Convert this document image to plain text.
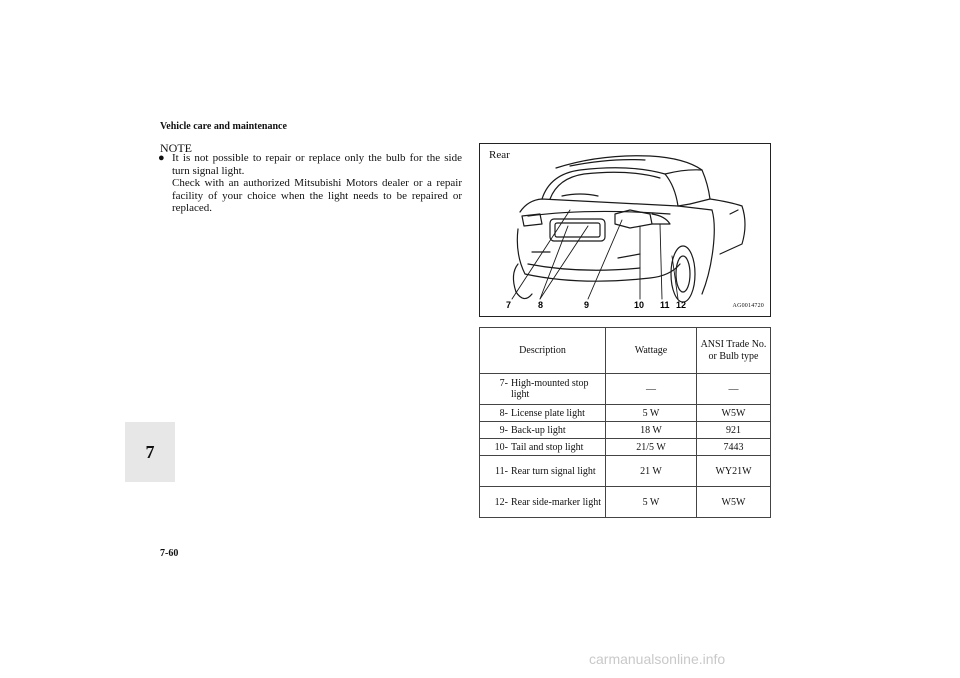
Vehicle care and maintenance
7
7-60
NOTE
● It is not possible to repair or replace only the bulb for the side turn signal light.

Check with an authorized Mitsubishi Motors dealer or a repair facility of your choice when the light needs to be repaired or replaced.

Rear
7	8	9	10 11 12	AG0014720
Description	Wattage	ANSI Trade No. or Bulb type

7- High-mounted stop light	—	—

8- License plate light	5 W	W5W

9- Back-up light	18 W	921

10- Tail and stop light	21/5 W	7443

11- Rear turn signal light	21 W	WY21W

12- Rear side-marker light	5 W	W5W
carmanualsonline.info
